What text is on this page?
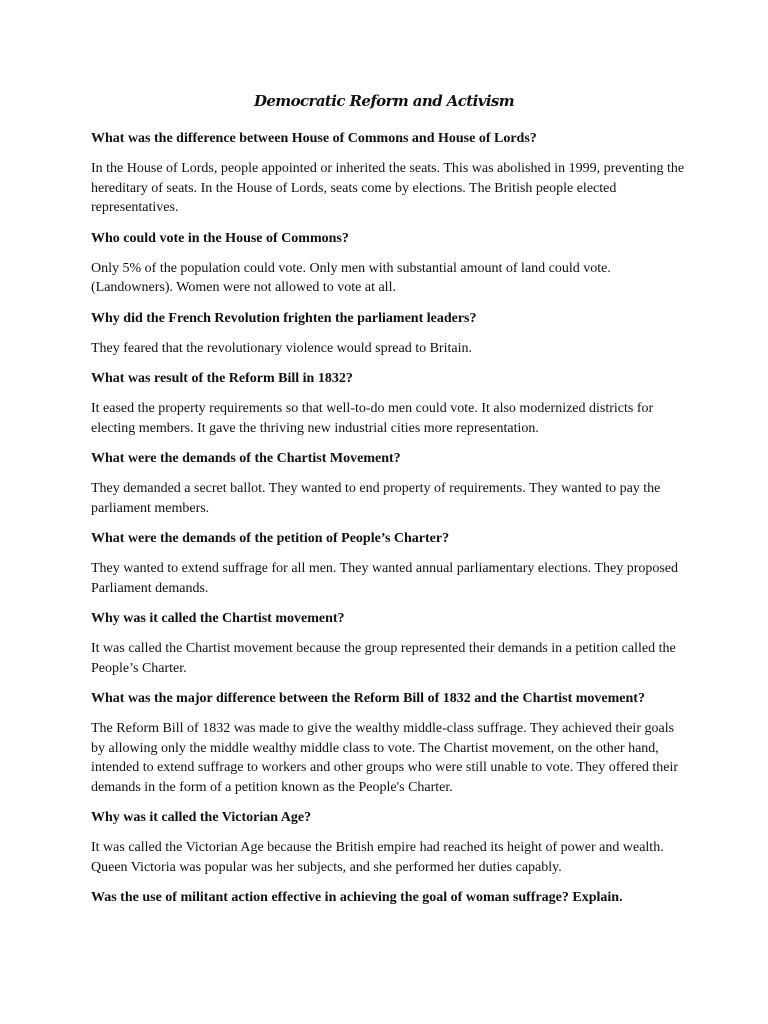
Democratic Reform and Activism

What was the difference between House of Commons and House of Lords?

In the House of Lords, people appointed or inherited the seats. This was abolished in 1999, preventing the hereditary of seats. In the House of Lords, seats come by elections. The British people elected representatives.

Who could vote in the House of Commons?

Only 5% of the population could vote. Only men with substantial amount of land could vote. (Landowners). Women were not allowed to vote at all.

Why did the French Revolution frighten the parliament leaders?

They feared that the revolutionary violence would spread to Britain.

What was result of the Reform Bill in 1832?

It eased the property requirements so that well-to-do men could vote. It also modernized districts for electing members. It gave the thriving new industrial cities more representation.

What were the demands of the Chartist Movement?

They demanded a secret ballot. They wanted to end property of requirements. They wanted to pay the parliament members.

What were the demands of the petition of People’s Charter?

They wanted to extend suffrage for all men. They wanted annual parliamentary elections. They proposed Parliament demands.

Why was it called the Chartist movement?

It was called the Chartist movement because the group represented their demands in a petition called the People’s Charter.

What was the major difference between the Reform Bill of 1832 and the Chartist movement?

The Reform Bill of 1832 was made to give the wealthy middle-class suffrage. They achieved their goals by allowing only the middle wealthy middle class to vote. The Chartist movement, on the other hand, intended to extend suffrage to workers and other groups who were still unable to vote. They offered their demands in the form of a petition known as the People's Charter.

Why was it called the Victorian Age?

It was called the Victorian Age because the British empire had reached its height of power and wealth. Queen Victoria was popular was her subjects, and she performed her duties capably.

Was the use of militant action effective in achieving the goal of woman suffrage? Explain.
